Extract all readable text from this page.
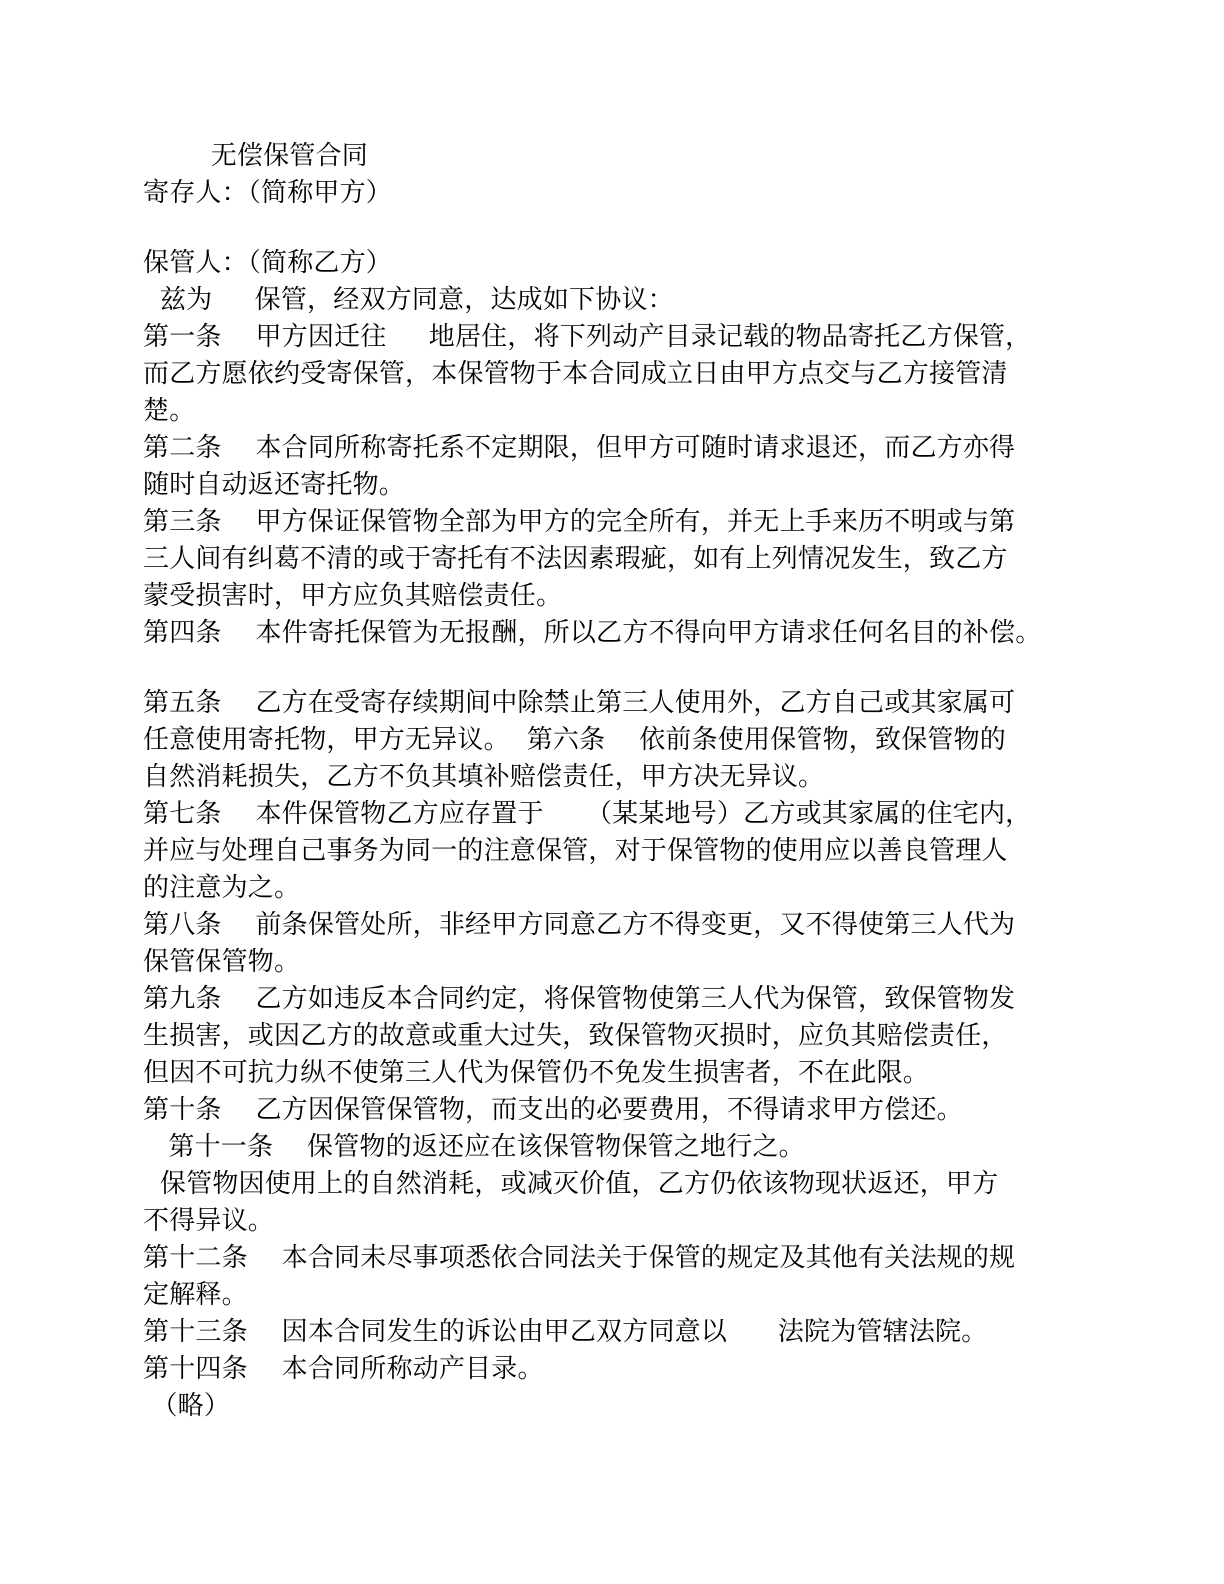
无偿保管合同
寄存人：（简称甲方）
保管人：（简称乙方）
兹为     保管，经双方同意，达成如下协议：
第一条    甲方因迁往     地居住，将下列动产目录记载的物品寄托乙方保管，
而乙方愿依约受寄保管，本保管物于本合同成立日由甲方点交与乙方接管清
楚。
第二条    本合同所称寄托系不定期限，但甲方可随时请求退还，而乙方亦得
随时自动返还寄托物。
第三条    甲方保证保管物全部为甲方的完全所有，并无上手来历不明或与第
三人间有纠葛不清的或于寄托有不法因素瑕疵，如有上列情况发生，致乙方
蒙受损害时，甲方应负其赔偿责任。
第四条    本件寄托保管为无报酬，所以乙方不得向甲方请求任何名目的补偿。
第五条    乙方在受寄存续期间中除禁止第三人使用外，乙方自己或其家属可
任意使用寄托物，甲方无异议。  第六条    依前条使用保管物，致保管物的
自然消耗损失，乙方不负其填补赔偿责任，甲方决无异议。
第七条    本件保管物乙方应存置于     （某某地号）乙方或其家属的住宅内，
并应与处理自己事务为同一的注意保管，对于保管物的使用应以善良管理人
的注意为之。
第八条    前条保管处所，非经甲方同意乙方不得变更，又不得使第三人代为
保管保管物。
第九条    乙方如违反本合同约定，将保管物使第三人代为保管，致保管物发
生损害，或因乙方的故意或重大过失，致保管物灭损时，应负其赔偿责任，
但因不可抗力纵不使第三人代为保管仍不免发生损害者，不在此限。
第十条    乙方因保管保管物，而支出的必要费用，不得请求甲方偿还。
第十一条    保管物的返还应在该保管物保管之地行之。
保管物因使用上的自然消耗，或减灭价值，乙方仍依该物现状返还，甲方
不得异议。
第十二条    本合同未尽事项悉依合同法关于保管的规定及其他有关法规的规
定解释。
第十三条    因本合同发生的诉讼由甲乙双方同意以      法院为管辖法院。
第十四条    本合同所称动产目录。
（略）
